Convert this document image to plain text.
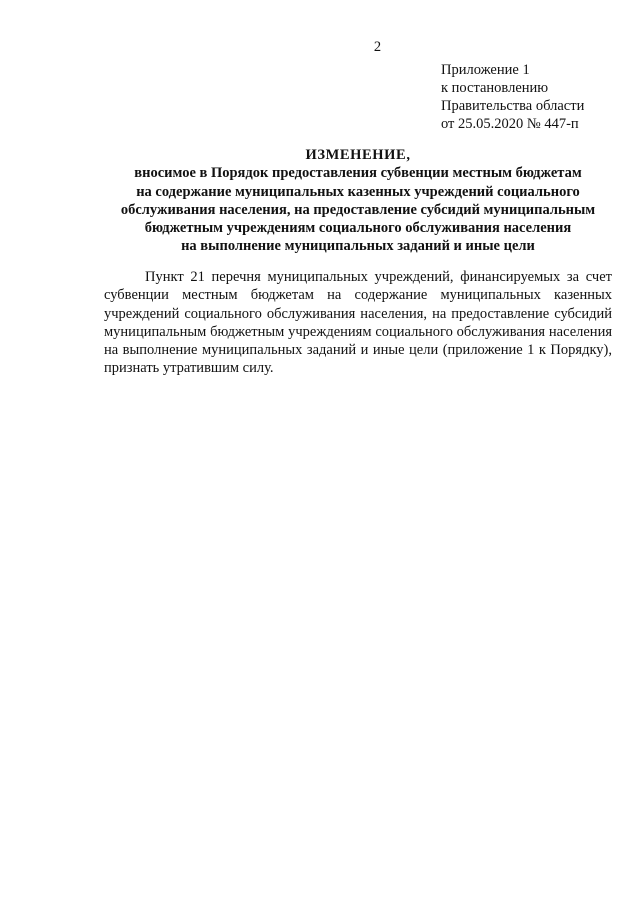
2
Приложение 1
к постановлению
Правительства области
от 25.05.2020 № 447-п
ИЗМЕНЕНИЕ,
вносимое в Порядок предоставления субвенции местным бюджетам
на содержание муниципальных казенных учреждений социального
обслуживания населения, на предоставление субсидий муниципальным
бюджетным учреждениям социального обслуживания населения
на выполнение муниципальных заданий и иные цели

Пункт 21 перечня муниципальных учреждений, финансируемых за счет субвенции местным бюджетам на содержание муниципальных казенных учреждений социального обслуживания населения, на предоставление субсидий муниципальным бюджетным учреждениям социального обслуживания населения на выполнение муниципальных заданий и иные цели (приложение 1 к Порядку), признать утратившим силу.
